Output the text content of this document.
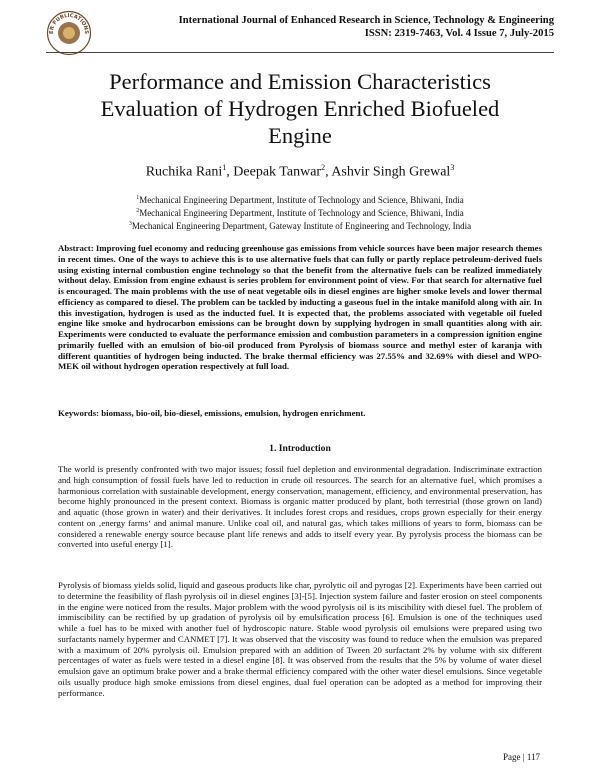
ER PUBLICATIONS
International Journal of Enhanced Research in Science, Technology & Engineering
ISSN: 2319-7463, Vol. 4 Issue 7, July-2015
Performance and Emission Characteristics
Evaluation of Hydrogen Enriched Biofueled
Engine
Ruchika Rani$^1$, Deepak Tanwar$^2$, Ashvir Singh Grewal$^3$
$^1$Mechanical Engineering Department, Institute of Technology and Science, Bhiwani, India
$^2$Mechanical Engineering Department, Institute of Technology and Science, Bhiwani, India
$^3$Mechanical Engineering Department, Gateway Institute of Engineering and Technology, India
Abstract: Improving fuel economy and reducing greenhouse gas emissions from vehicle sources have been major research themes in recent times. One of the ways to achieve this is to use alternative fuels that can fully or partly replace petroleum-derived fuels using existing internal combustion engine technology so that the benefit from the alternative fuels can be realized immediately without delay. Emission from engine exhaust is series problem for environment point of view. For that search for alternative fuel is encouraged. The main problems with the use of neat vegetable oils in diesel engines are higher smoke levels and lower thermal efficiency as compared to diesel. The problem can be tackled by inducting a gaseous fuel in the intake manifold along with air. In this investigation, hydrogen is used as the inducted fuel. It is expected that, the problems associated with vegetable oil fueled engine like smoke and hydrocarbon emissions can be brought down by supplying hydrogen in small quantities along with air. Experiments were conducted to evaluate the performance emission and combustion parameters in a compression ignition engine primarily fuelled with an emulsion of bio-oil produced from Pyrolysis of biomass source and methyl ester of karanja with different quantities of hydrogen being inducted. The brake thermal efficiency was 27.55% and 32.69% with diesel and WPO-MEK oil without hydrogen operation respectively at full load.
Keywords: biomass, bio-oil, bio-diesel, emissions, emulsion, hydrogen enrichment.
1. Introduction

The world is presently confronted with two major issues; fossil fuel depletion and environmental degradation. Indiscriminate extraction and high consumption of fossil fuels have led to reduction in crude oil resources. The search for an alternative fuel, which promises a harmonious correlation with sustainable development, energy conservation, management, efficiency, and environmental preservation, has become highly pronounced in the present context. Biomass is organic matter produced by plant, both terrestrial (those grown on land) and aquatic (those grown in water) and their derivatives. It includes forest crops and residues, crops grown especially for their energy content on ‚energy farms‘ and animal manure. Unlike coal oil, and natural gas, which takes millions of years to form, biomass can be considered a renewable energy source because plant life renews and adds to itself every year. By pyrolysis process the biomass can be converted into useful energy [1].

Pyrolysis of biomass yields solid, liquid and gaseous products like char, pyrolytic oil and pyrogas [2]. Experiments have been carried out to determine the feasibility of flash pyrolysis oil in diesel engines [3]-[5]. Injection system failure and faster erosion on steel components in the engine were noticed from the results. Major problem with the wood pyrolysis oil is its miscibility with diesel fuel. The problem of immiscibility can be rectified by up gradation of pyrolysis oil by emulsification process [6]. Emulsion is one of the techniques used while a fuel has to be mixed with another fuel of hydroscopic nature. Stable wood pyrolysis oil emulsions were prepared using two surfactants namely hypermer and CANMET [7]. It was observed that the viscosity was found to reduce when the emulsion was prepared with a maximum of 20% pyrolysis oil. Emulsion prepared with an addition of Tween 20 surfactant 2% by volume with six different percentages of water as fuels were tested in a diesel engine [8]. It was observed from the results that the 5% by volume of water diesel emulsion gave an optimum brake power and a brake thermal efficiency compared with the other water diesel emulsions. Since vegetable oils usually produce high smoke emissions from diesel engines, dual fuel operation can be adopted as a method for improving their performance.

Page | 117
